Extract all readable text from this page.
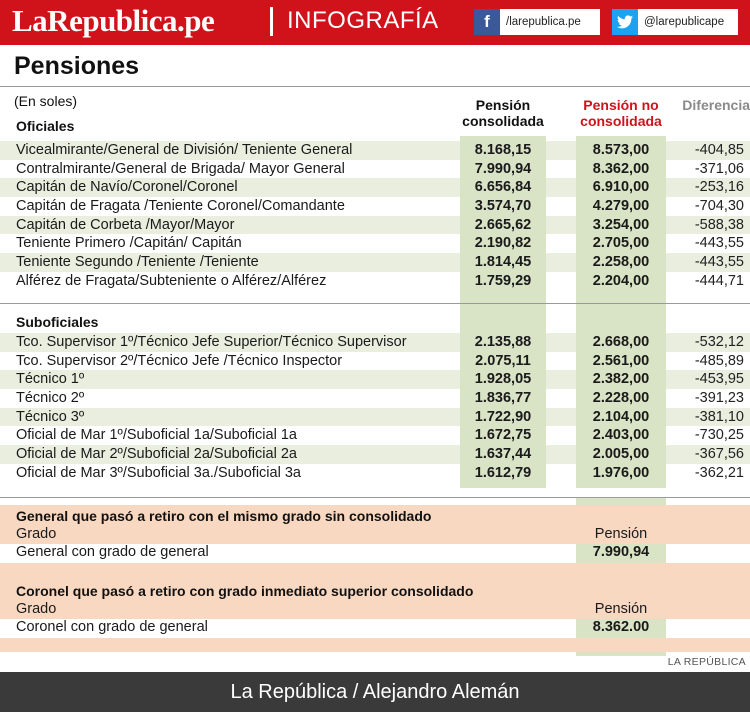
LaRepublica.pe	INFOGRAFÍA	f	/larepublica.pe	@larepublicape
Pensiones
(En soles)	Pensión consolidada
Pensión no consolidada
Diferencia
Oficiales
Vicealmirante/General de División/ Teniente General	8.168,15	8.573,00	-404,85
Contralmirante/General de Brigada/ Mayor General	7.990,94	8.362,00	-371,06
Capitán de Navío/Coronel/Coronel	6.656,84	6.910,00	-253,16
Capitán de Fragata /Teniente Coronel/Comandante	3.574,70	4.279,00	-704,30
Capitán de Corbeta /Mayor/Mayor	2.665,62	3.254,00	-588,38
Teniente Primero /Capitán/ Capitán	2.190,82	2.705,00	-443,55
Teniente Segundo /Teniente /Teniente	1.814,45	2.258,00	-443,55
Alférez de Fragata/Subteniente o Alférez/Alférez	1.759,29	2.204,00	-444,71
Suboficiales
Tco. Supervisor 1º/Técnico Jefe Superior/Técnico Supervisor	2.135,88	2.668,00	-532,12
Tco. Supervisor 2º/Técnico Jefe /Técnico Inspector	2.075,11	2.561,00	-485,89
Técnico 1º	1.928,05	2.382,00	-453,95
Técnico 2º	1.836,77	2.228,00	-391,23
Técnico 3º	1.722,90	2.104,00	-381,10
Oficial de Mar 1º/Suboficial 1a/Suboficial 1a	1.672,75	2.403,00	-730,25
Oficial de Mar 2º/Suboficial 2a/Suboficial 2a	1.637,44	2.005,00	-367,56
Oficial de Mar 3º/Suboficial 3a./Suboficial 3a	1.612,79	1.976,00	-362,21
General que pasó a retiro con el mismo grado sin consolidado
Grado	Pensión
General con grado de general	7.990,94
Coronel que pasó a retiro con grado inmediato superior consolidado
Grado	Pensión
Coronel con grado de general	8.362.00
LA REPÚBLICA
La República / Alejandro Alemán
